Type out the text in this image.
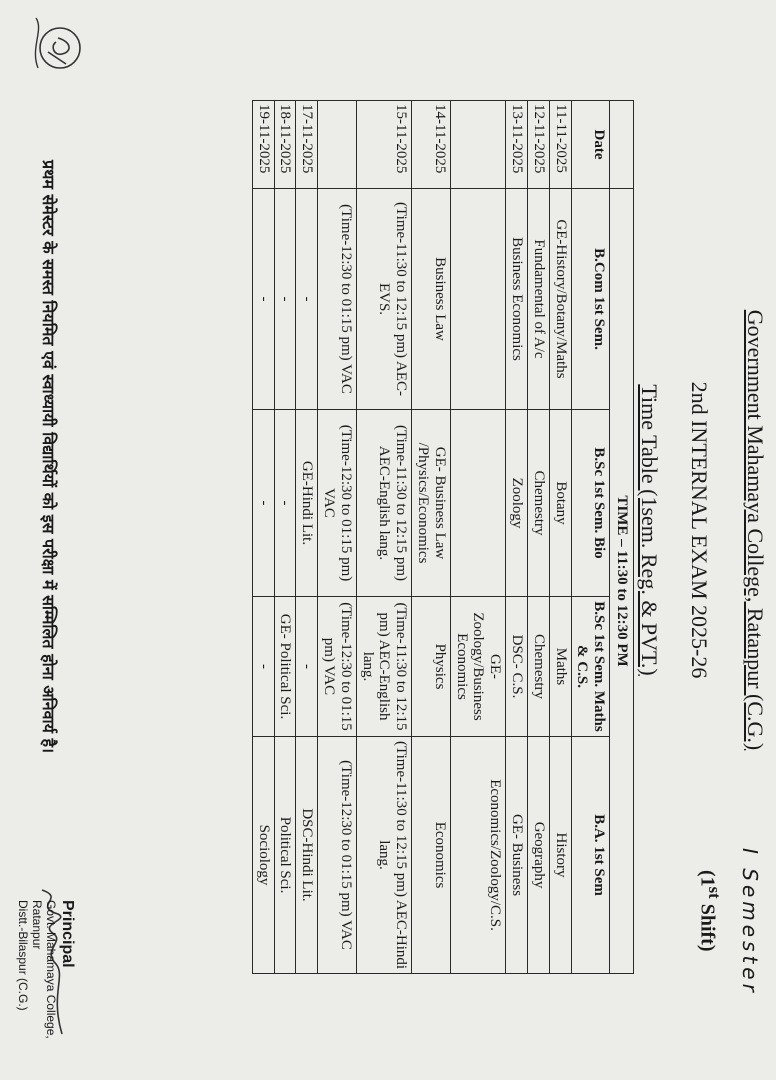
Government Mahamaya College, Ratanpur (C.G.)
I Semester
(1st Shift)
2nd INTERNAL EXAM 2025-26
Time Table (1sem. Reg. & PVT.)
	TIME – 11:30 to 12:30 PM			
Date	B.Com 1st Sem.	B.Sc 1st Sem. Bio	B.Sc 1st Sem. Maths & C.S.	B.A. 1st Sem
11-11-2025	GE-History/Botany/Maths	Botany	Maths	History
12-11-2025	Fundamental of A/c	Chemestry	Chemestry	Geography
13-11-2025	Business Economics	Zoology	DSC- C.S.	GE- Business
			GE-Zoology/Business Economics	Economics/Zoology/C.S.
14-11-2025	Business Law	GE- Business Law /Physics/Economics	Physics	Economics
15-11-2025	(Time-11:30 to 12:15 pm) AEC-EVS.	(Time-11:30 to 12:15 pm) AEC-English lang.	(Time-11:30 to 12:15 pm) AEC-English lang.	(Time-11:30 to 12:15 pm) AEC-Hindi lang.
	(Time-12:30 to 01:15 pm) VAC	(Time-12:30 to 01:15 pm) VAC	(Time-12:30 to 01:15 pm) VAC	(Time-12:30 to 01:15 pm) VAC
17-11-2025	-	GE-Hindi Lit.	-	DSC-Hindi Lit.
18-11-2025	-	-	GE- Political Sci.	Political Sci.
19-11-2025	-	-	-	Sociology
प्रथम सेमेस्टर के समस्त नियमित एवं स्वाध्यायी विद्यार्थियों को इस परीक्षा में सम्मिलित होना अनिवार्य है।
Principal
Govt. Mahamaya College, Ratanpur
Distt.-Bilaspur (C.G.)
